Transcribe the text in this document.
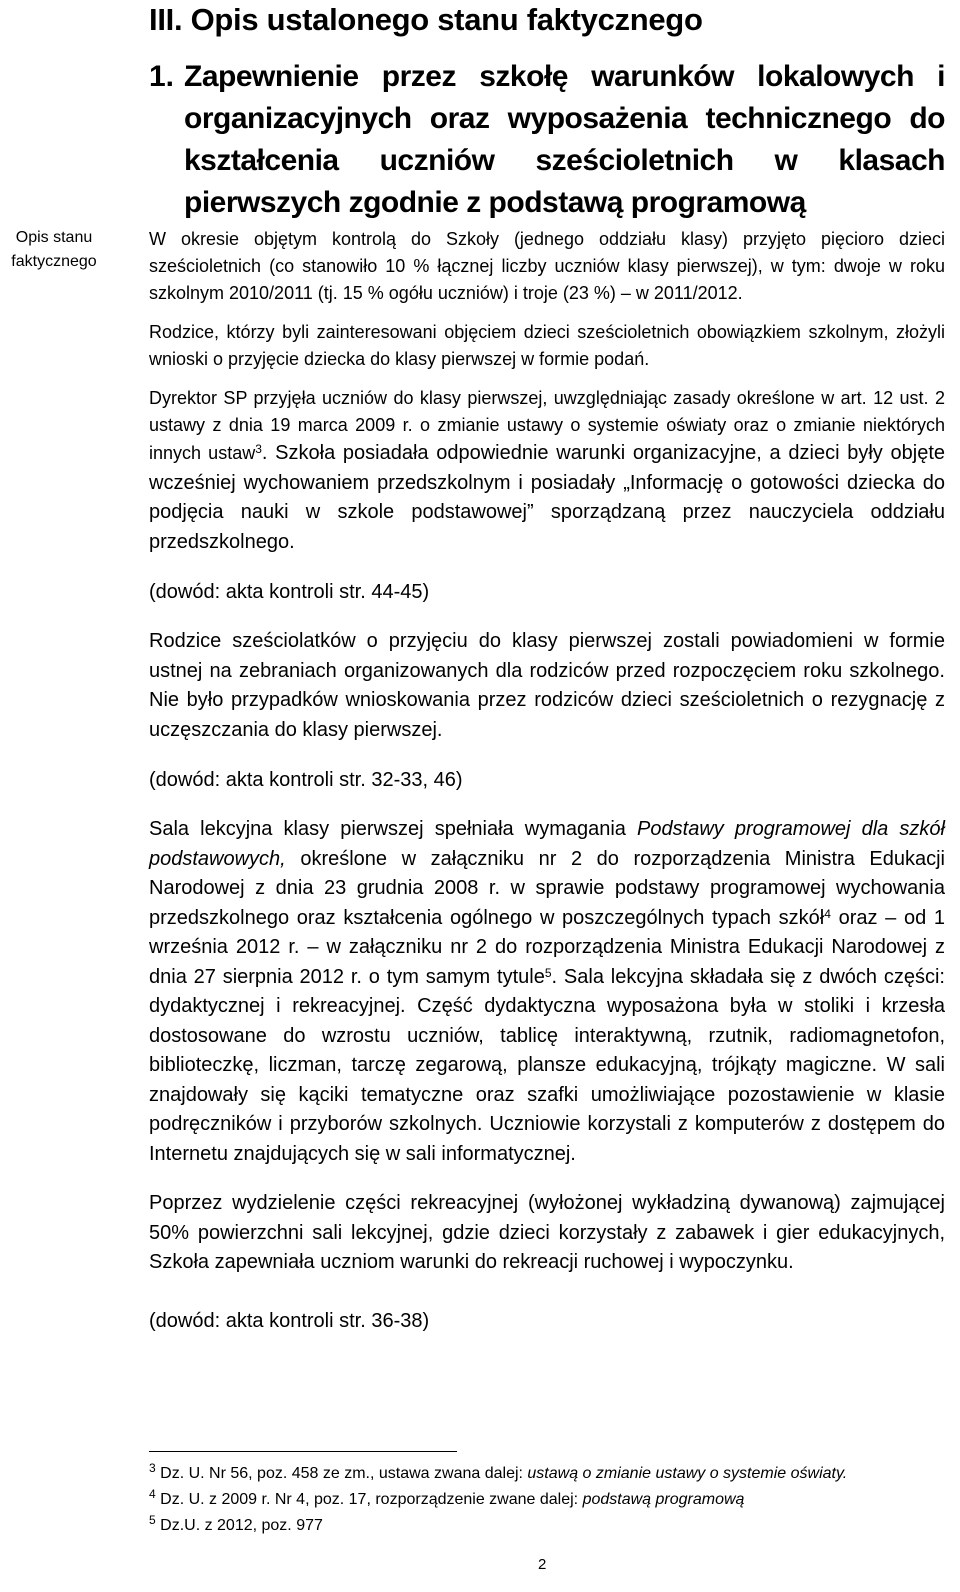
III. Opis ustalonego stanu faktycznego
1. Zapewnienie przez szkołę warunków lokalowych i organizacyjnych oraz wyposażenia technicznego do kształcenia uczniów sześcioletnich w klasach pierwszych zgodnie z podstawą programową
Opis stanu faktycznego

W okresie objętym kontrolą do Szkoły (jednego oddziału klasy) przyjęto pięcioro dzieci sześcioletnich (co stanowiło 10 % łącznej liczby uczniów klasy pierwszej), w tym: dwoje w roku szkolnym 2010/2011 (tj. 15 % ogółu uczniów) i troje (23 %) – w 2011/2012.

Rodzice, którzy byli zainteresowani objęciem dzieci sześcioletnich obowiązkiem szkolnym, złożyli wnioski o przyjęcie dziecka do klasy pierwszej w formie podań.

Dyrektor SP przyjęła uczniów do klasy pierwszej, uwzględniając zasady określone w art. 12 ust. 2 ustawy z dnia 19 marca 2009 r. o zmianie ustawy o systemie oświaty oraz o zmianie niektórych innych ustaw$^3$. Szkoła posiadała odpowiednie warunki organizacyjne, a dzieci były objęte wcześniej wychowaniem przedszkolnym i posiadały „Informację o gotowości dziecka do podjęcia nauki w szkole podstawowej” sporządzaną przez nauczyciela oddziału przedszkolnego.

(dowód: akta kontroli str. 44-45)

Rodzice sześciolatków o przyjęciu do klasy pierwszej zostali powiadomieni w formie ustnej na zebraniach organizowanych dla rodziców przed rozpoczęciem roku szkolnego. Nie było przypadków wnioskowania przez rodziców dzieci sześcioletnich o rezygnację z uczęszczania do klasy pierwszej.

(dowód: akta kontroli str. 32-33, 46)

Sala lekcyjna klasy pierwszej spełniała wymagania Podstawy programowej dla szkół podstawowych, określone w załączniku nr 2 do rozporządzenia Ministra Edukacji Narodowej z dnia 23 grudnia 2008 r. w sprawie podstawy programowej wychowania przedszkolnego oraz kształcenia ogólnego w poszczególnych typach szkół$^4$ oraz – od 1 września 2012 r. – w załączniku nr 2 do rozporządzenia Ministra Edukacji Narodowej z dnia 27 sierpnia 2012 r. o tym samym tytule$^5$. Sala lekcyjna składała się z dwóch części: dydaktycznej i rekreacyjnej. Część dydaktyczna wyposażona była w stoliki i krzesła dostosowane do wzrostu uczniów, tablicę interaktywną, rzutnik, radiomagnetofon, biblioteczkę, liczman, tarczę zegarową, plansze edukacyjną, trójkąty magiczne. W sali znajdowały się kąciki tematyczne oraz szafki umożliwiające pozostawienie w klasie podręczników i przyborów szkolnych. Uczniowie korzystali z komputerów z dostępem do Internetu znajdujących się w sali informatycznej.

Poprzez wydzielenie części rekreacyjnej (wyłożonej wykładziną dywanową) zajmującej 50% powierzchni sali lekcyjnej, gdzie dzieci korzystały z zabawek i gier edukacyjnych, Szkoła zapewniała uczniom warunki do rekreacji ruchowej i wypoczynku.

(dowód: akta kontroli str. 36-38)

$^3$ Dz. U. Nr 56, poz. 458 ze zm., ustawa zwana dalej: ustawą o zmianie ustawy o systemie oświaty.

$^4$ Dz. U. z 2009 r. Nr 4, poz. 17, rozporządzenie zwane dalej: podstawą programową

$^5$ Dz.U. z 2012, poz. 977

2
